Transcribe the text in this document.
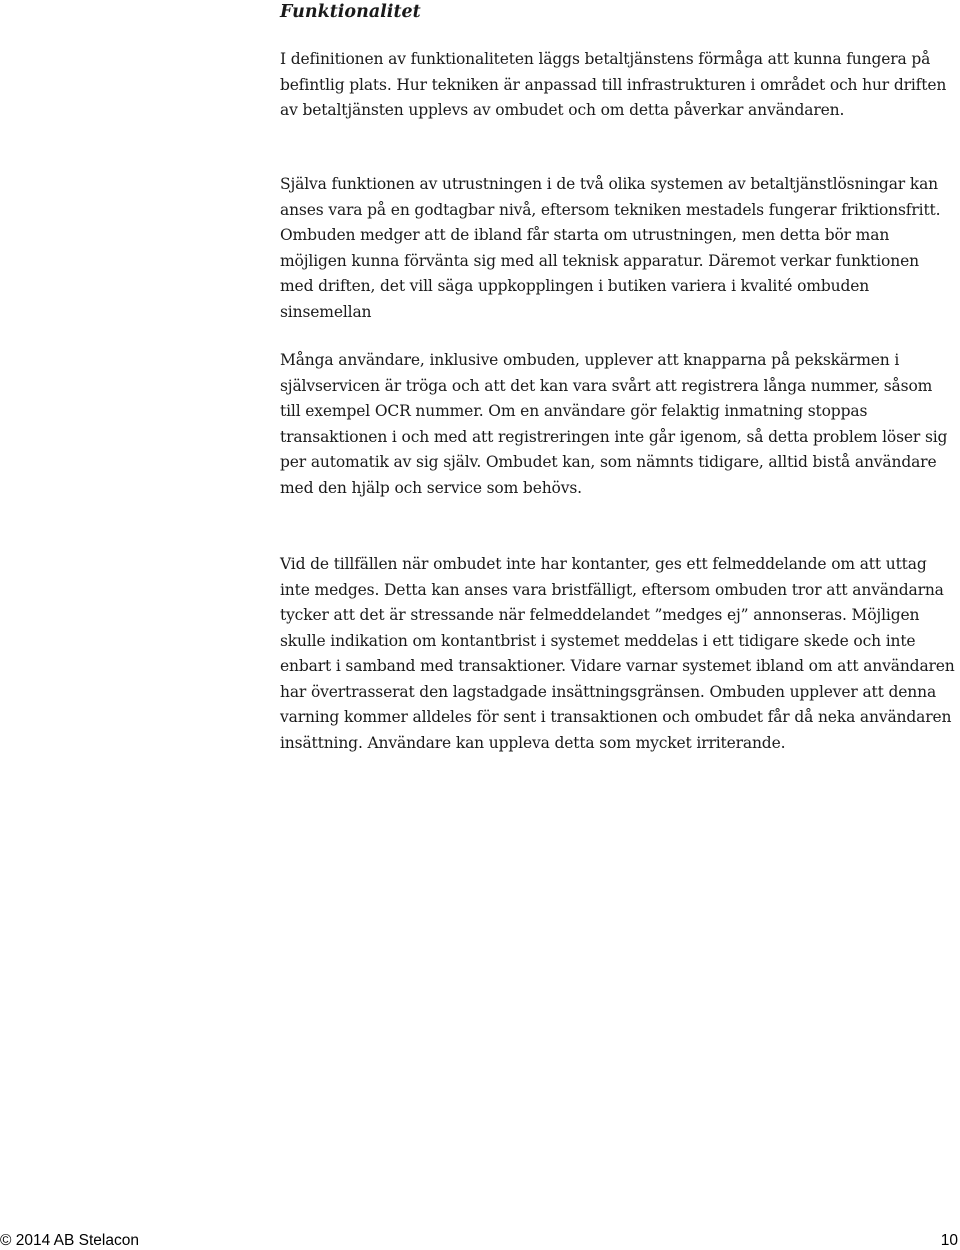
Funktionalitet

I definitionen av funktionaliteten läggs betaltjänstens förmåga att kunna fungera på befintlig plats. Hur tekniken är anpassad till infrastrukturen i området och hur driften av betaltjänsten upplevs av ombudet och om detta påverkar användaren.

Själva funktionen av utrustningen i de två olika systemen av betaltjänstlösningar kan anses vara på en godtagbar nivå, eftersom tekniken mestadels fungerar friktionsfritt. Ombuden medger att de ibland får starta om utrustningen, men detta bör man möjligen kunna förvänta sig med all teknisk apparatur. Däremot verkar funktionen med driften, det vill säga uppkopplingen i butiken variera i kvalité ombuden sinsemellan

Många användare, inklusive ombuden, upplever att knapparna på pekskärmen i självservicen är tröga och att det kan vara svårt att registrera långa nummer, såsom till exempel OCR nummer. Om en användare gör felaktig inmatning stoppas transaktionen i och med att registreringen inte går igenom, så detta problem löser sig per automatik av sig själv. Ombudet kan, som nämnts tidigare, alltid bistå användare med den hjälp och service som behövs.

Vid de tillfällen när ombudet inte har kontanter, ges ett felmeddelande om att uttag inte medges. Detta kan anses vara bristfälligt, eftersom ombuden tror att användarna tycker att det är stressande när felmeddelandet ”medges ej” annonseras. Möjligen skulle indikation om kontantbrist i systemet meddelas i ett tidigare skede och inte enbart i samband med transaktioner. Vidare varnar systemet ibland om att användaren har övertrasserat den lagstadgade insättningsgränsen. Ombuden upplever att denna varning kommer alldeles för sent i transaktionen och ombudet får då neka användaren insättning. Användare kan uppleva detta som mycket irriterande.

© 2014 AB Stelacon	10
